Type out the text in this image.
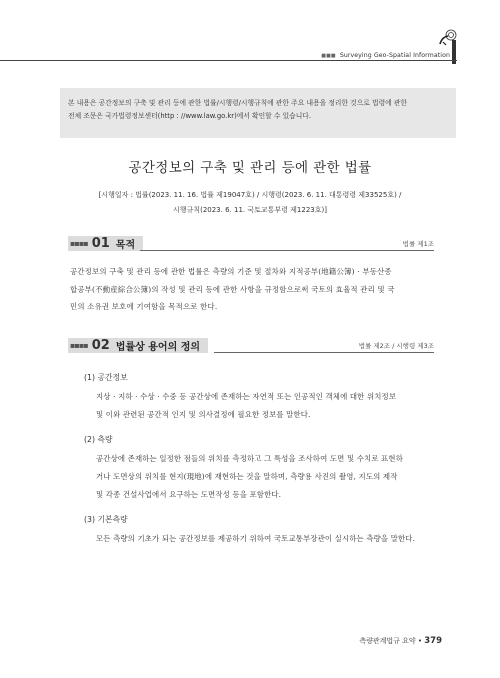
■■■ Surveying Geo-Spatial Information
본 내용은 공간정보의 구축 및 관리 등에 관한 법률/시행령/시행규칙에 관한 주요 내용을 정리한 것으로 법령에 관한
전체 조문은 국가법령정보센터(http : //www.law.go.kr)에서 확인할 수 있습니다.
공간정보의 구축 및 관리 등에 관한 법률
[시행일자 : 법률(2023. 11. 16. 법률 제19047호) / 시행령(2023. 6. 11. 대통령령 제33525호) /
시행규칙(2023. 6. 11. 국토교통부령 제1223호)]
▪▪▪▪ 01 목적	법률 제1조
공간정보의 구축 및 관리 등에 관한 법률은 측량의 기준 및 절차와 지적공부(地籍公簿) · 부동산종
합공부(不動産綜合公簿)의 작성 및 관리 등에 관한 사항을 규정함으로써 국토의 효율적 관리 및 국
민의 소유권 보호에 기여함을 목적으로 한다.
▪▪▪▪ 02 법률상 용어의 정의	법률 제2조 / 시행령 제3조
(1) 공간정보
지상 · 지하 · 수상 · 수중 등 공간상에 존재하는 자연적 또는 인공적인 객체에 대한 위치정보
및 이와 관련된 공간적 인지 및 의사결정에 필요한 정보를 말한다.
(2) 측량
공간상에 존재하는 일정한 점들의 위치를 측정하고 그 특성을 조사하여 도면 및 수치로 표현하
거나 도면상의 위치를 현지(現地)에 재현하는 것을 말하며, 측량용 사진의 촬영, 지도의 제작
및 각종 건설사업에서 요구하는 도면작성 등을 포함한다.
(3) 기본측량
모든 측량의 기초가 되는 공간정보를 제공하기 위하여 국토교통부장관이 실시하는 측량을 말한다.
측량관계법규 요약 • 379
